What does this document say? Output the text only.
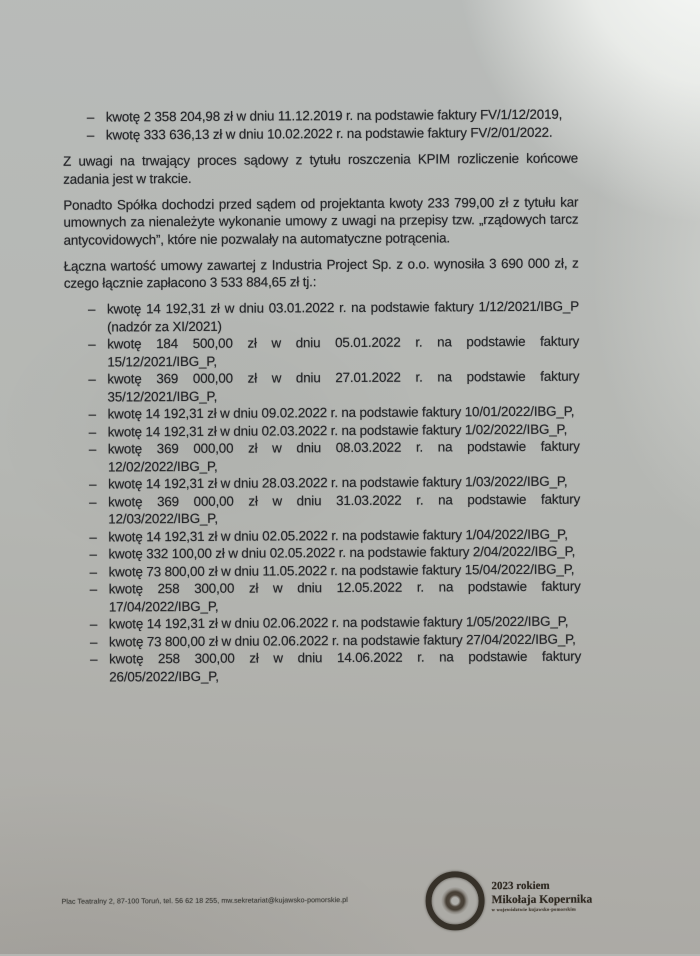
– kwotę 2 358 204,98 zł w dniu 11.12.2019 r. na podstawie faktury FV/1/12/2019,
– kwotę 333 636,13 zł w dniu 10.02.2022 r. na podstawie faktury FV/2/01/2022.

Z uwagi na trwający proces sądowy z tytułu roszczenia KPIM rozliczenie końcowe zadania jest w trakcie.

Ponadto Spółka dochodzi przed sądem od projektanta kwoty 233 799,00 zł z tytułu kar umownych za nienależyte wykonanie umowy z uwagi na przepisy tzw. „rządowych tarcz antycovidowych”, które nie pozwalały na automatyczne potrącenia.

Łączna wartość umowy zawartej z Industria Project Sp. z o.o. wynosiła 3 690 000 zł, z czego łącznie zapłacono 3 533 884,65 zł tj.:

– kwotę 14 192,31 zł w dniu 03.01.2022 r. na podstawie faktury 1/12/2021/IBG_P (nadzór za XI/2021)
– kwotę 184 500,00 zł w dniu 05.01.2022 r. na podstawie faktury 15/12/2021/IBG_P,
– kwotę 369 000,00 zł w dniu 27.01.2022 r. na podstawie faktury 35/12/2021/IBG_P,
– kwotę 14 192,31 zł w dniu 09.02.2022 r. na podstawie faktury 10/01/2022/IBG_P,
– kwotę 14 192,31 zł w dniu 02.03.2022 r. na podstawie faktury 1/02/2022/IBG_P,
– kwotę 369 000,00 zł w dniu 08.03.2022 r. na podstawie faktury 12/02/2022/IBG_P,
– kwotę 14 192,31 zł w dniu 28.03.2022 r. na podstawie faktury 1/03/2022/IBG_P,
– kwotę 369 000,00 zł w dniu 31.03.2022 r. na podstawie faktury 12/03/2022/IBG_P,
– kwotę 14 192,31 zł w dniu 02.05.2022 r. na podstawie faktury 1/04/2022/IBG_P,
– kwotę 332 100,00 zł w dniu 02.05.2022 r. na podstawie faktury 2/04/2022/IBG_P,
– kwotę 73 800,00 zł w dniu 11.05.2022 r. na podstawie faktury 15/04/2022/IBG_P,
– kwotę 258 300,00 zł w dniu 12.05.2022 r. na podstawie faktury 17/04/2022/IBG_P,
– kwotę 14 192,31 zł w dniu 02.06.2022 r. na podstawie faktury 1/05/2022/IBG_P,
– kwotę 73 800,00 zł w dniu 02.06.2022 r. na podstawie faktury 27/04/2022/IBG_P,
– kwotę 258 300,00 zł w dniu 14.06.2022 r. na podstawie faktury 26/05/2022/IBG_P,
Plac Teatralny 2, 87-100 Toruń, tel. 56 62 18 255, mw.sekretariat@kujawsko-pomorskie.pl
2023 rokiem
Mikołaja Kopernika
w województwie kujawsko-pomorskim
